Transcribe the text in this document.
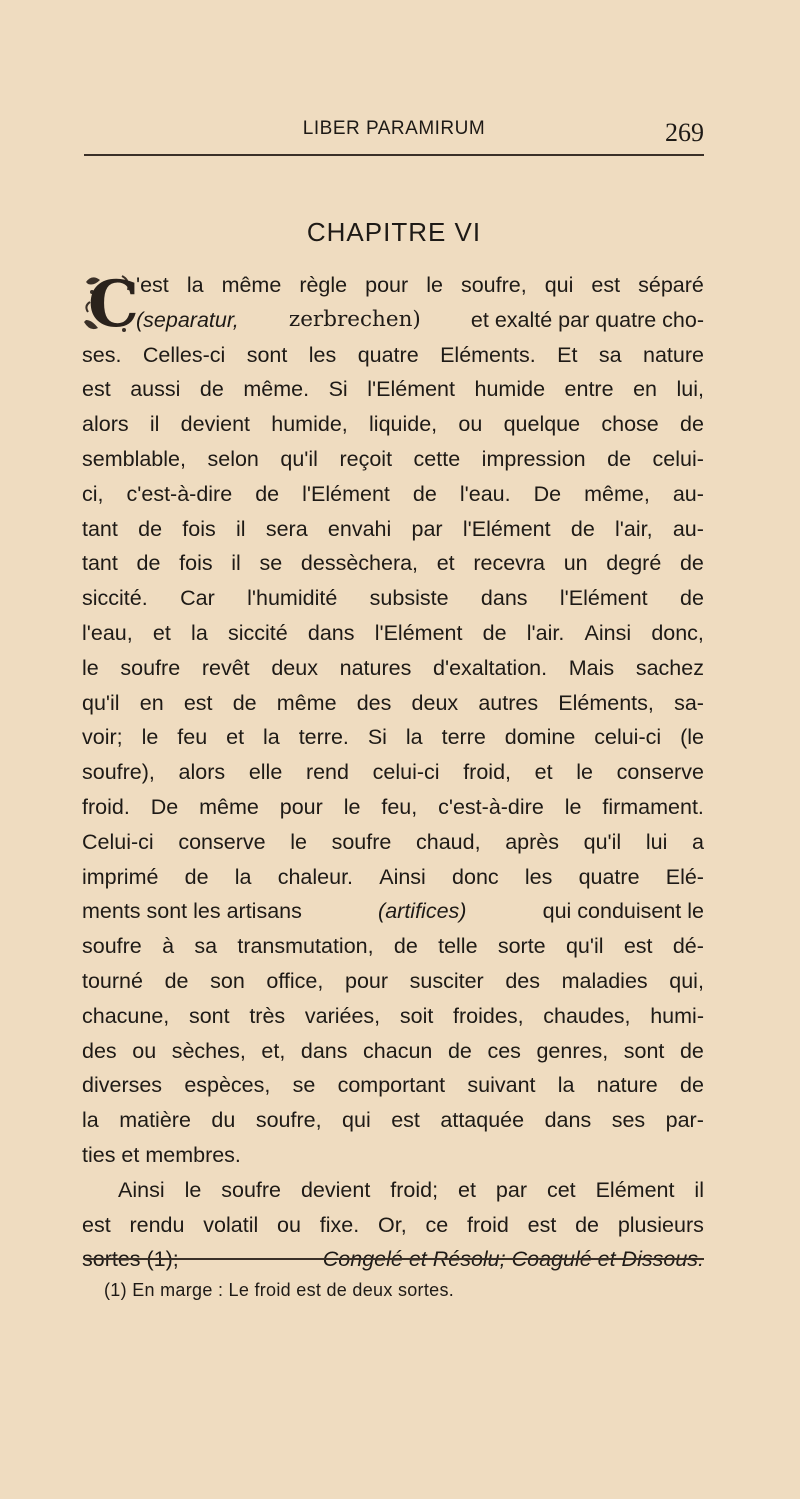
LIBER PARAMIRUM	269
CHAPITRE VI
C
'est la même règle pour le soufre, qui est séparé
(separatur, zerbrechen) et exalté par quatre cho-
ses. Celles-ci sont les quatre Eléments. Et sa nature
est aussi de même. Si l'Elément humide entre en lui,
alors il devient humide, liquide, ou quelque chose de
semblable, selon qu'il reçoit cette impression de celui-
ci, c'est-à-dire de l'Elément de l'eau. De même, au-
tant de fois il sera envahi par l'Elément de l'air, au-
tant de fois il se dessèchera, et recevra un degré de
siccité. Car l'humidité subsiste dans l'Elément de
l'eau, et la siccité dans l'Elément de l'air. Ainsi donc,
le soufre revêt deux natures d'exaltation. Mais sachez
qu'il en est de même des deux autres Eléments, sa-
voir; le feu et la terre. Si la terre domine celui-ci (le
soufre), alors elle rend celui-ci froid, et le conserve
froid. De même pour le feu, c'est-à-dire le firmament.
Celui-ci conserve le soufre chaud, après qu'il lui a
imprimé de la chaleur. Ainsi donc les quatre Elé-
ments sont les artisans	(artifices)	qui conduisent le
soufre à sa transmutation, de telle sorte qu'il est dé-
tourné de son office, pour susciter des maladies qui,
chacune, sont très variées, soit froides, chaudes, humi-
des ou sèches, et, dans chacun de ces genres, sont de
diverses espèces, se comportant suivant la nature de
la matière du soufre, qui est attaquée dans ses par-
ties et membres.
Ainsi le soufre devient froid; et par cet Elément il
est rendu volatil ou fixe. Or, ce froid est de plusieurs
sortes (1);	Congelé et Résolu; Coagulé et Dissous.
(1) En marge : Le froid est de deux sortes.
